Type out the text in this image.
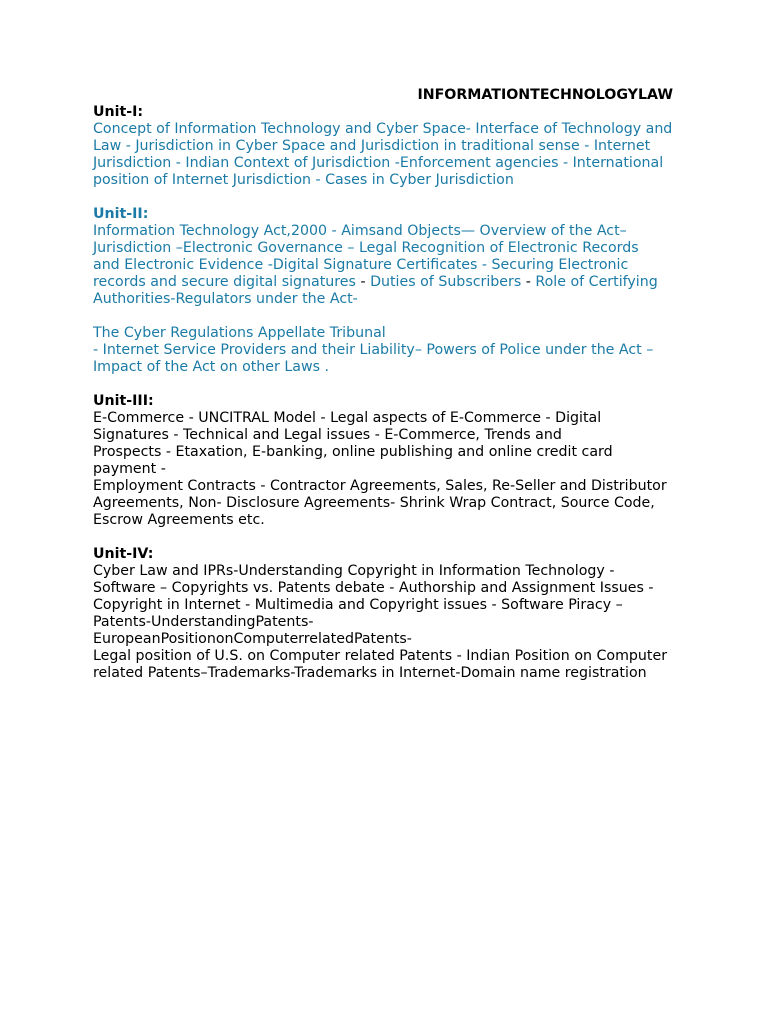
INFORMATIONTECHNOLOGYLAW
Unit-I:
Concept of Information Technology and Cyber Space- Interface of Technology and
Law - Jurisdiction in Cyber Space and Jurisdiction in traditional sense - Internet
Jurisdiction - Indian Context of Jurisdiction -Enforcement agencies - International
position of Internet Jurisdiction - Cases in Cyber Jurisdiction
Unit-II:
Information Technology Act,2000 - Aimsand Objects— Overview of the Act–
Jurisdiction –Electronic Governance – Legal Recognition of Electronic Records
and Electronic Evidence -Digital Signature Certificates - Securing Electronic
records and secure digital signatures - Duties of Subscribers - Role of Certifying
Authorities-Regulators under the Act-
The Cyber Regulations Appellate Tribunal
- Internet Service Providers and their Liability– Powers of Police under the Act –
Impact of the Act on other Laws .
Unit-III:
E-Commerce - UNCITRAL Model - Legal aspects of E-Commerce - Digital
Signatures - Technical and Legal issues - E-Commerce, Trends and
Prospects - Etaxation, E-banking, online publishing and online credit card payment -
Employment Contracts - Contractor Agreements, Sales, Re-Seller and Distributor
Agreements, Non- Disclosure Agreements- Shrink Wrap Contract, Source Code,
Escrow Agreements etc.
Unit-IV:
Cyber Law and IPRs-Understanding Copyright in Information Technology -
Software – Copyrights vs. Patents debate - Authorship and Assignment Issues -
Copyright in Internet - Multimedia and Copyright issues - Software Piracy –
Patents-UnderstandingPatents-
EuropeanPositiononComputerrelatedPatents-
Legal position of U.S. on Computer related Patents - Indian Position on Computer
related Patents–Trademarks-Trademarks in Internet-Domain name registration
